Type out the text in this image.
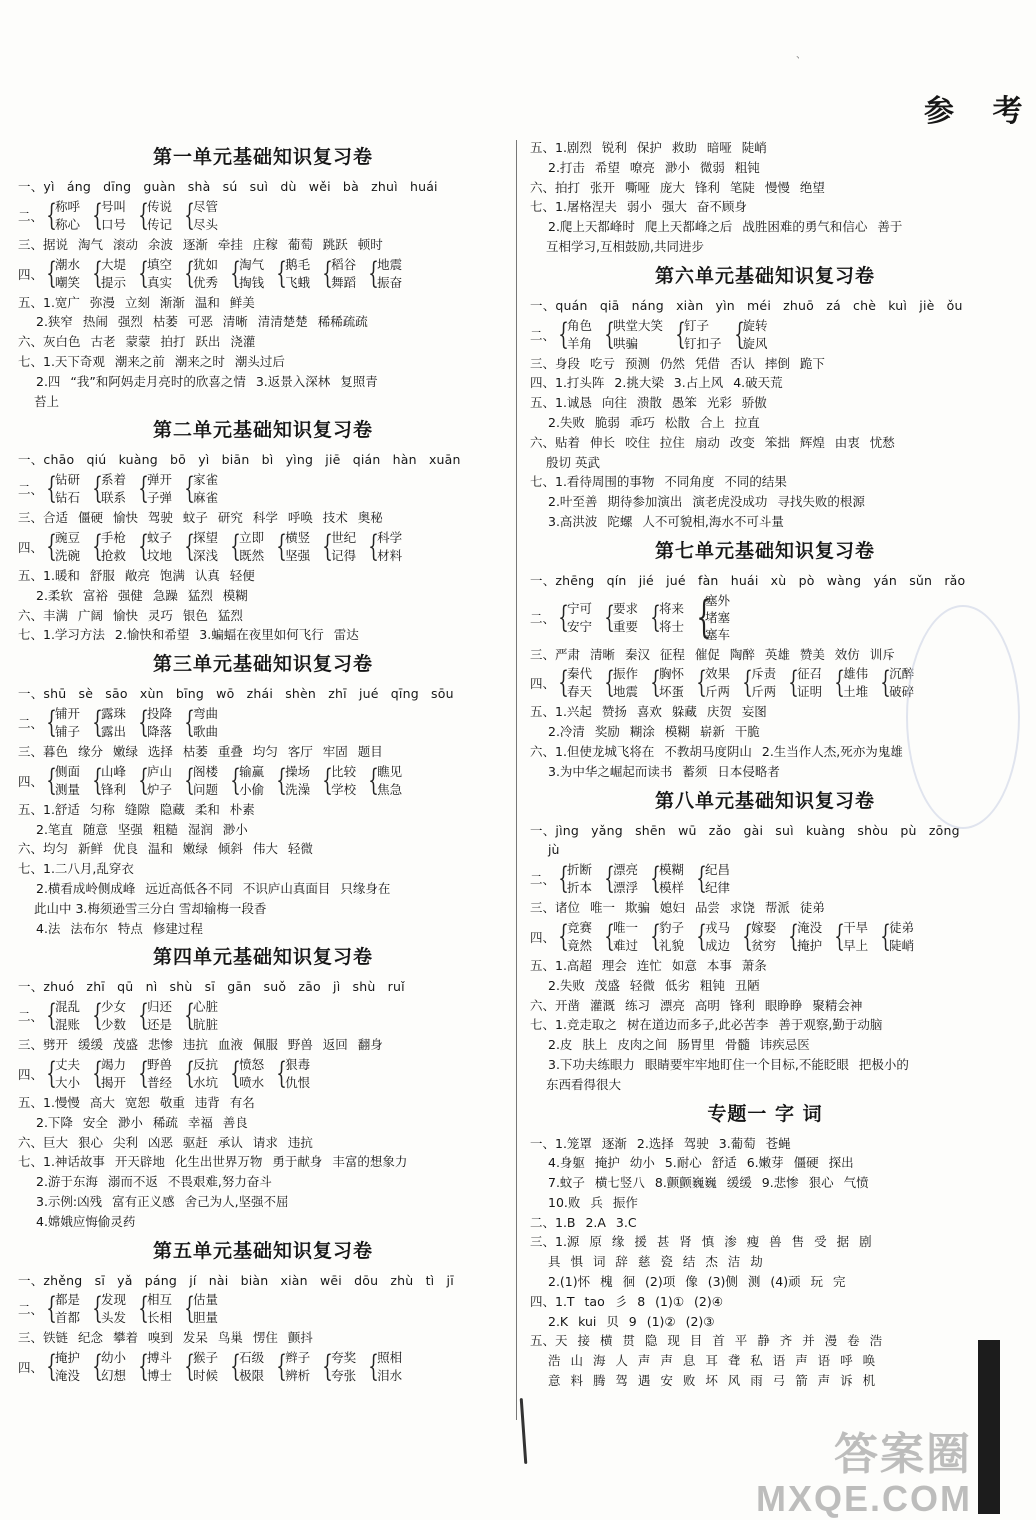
、
参 考
第一单元基础知识复习卷
一、yì áng dīng guàn shà sú suì dù wěi bà zhuì huái
二、 {
称呼
称心 {
号叫
口号 {
传说
传记 {
尽管
尽头
三、据说 淘气 滚动 余波 逐渐 牵挂 庄稼 葡萄 跳跃 顿时
四、 {
潮水
嘲笑 {
大堤
提示 {
填空
真实 {
犹如
优秀 {
淘气
掏钱 {
鹅毛
飞蛾 {
稻谷
舞蹈 {
地震
振奋
五、1.宽广 弥漫 立刻 渐渐 温和 鲜美
2.狭窄 热闹 强烈 枯萎 可恶 清晰 清清楚楚 稀稀疏疏
六、灰白色 古老 蒙蒙 拍打 跃出 浇灌
七、1.天下奇观 潮来之前 潮来之时 潮头过后
2.四 “我”和阿妈走月亮时的欣喜之情 3.返景入深林 复照青
苔上
第二单元基础知识复习卷
一、chāo qiú kuàng bō yì biān bì yìng jiē qián hàn xuān
二、 {
钻研
钻石 {
系着
联系 {
弹开
子弹 {
家雀
麻雀
三、合适 僵硬 愉快 驾驶 蚊子 研究 科学 呼唤 技术 奥秘
四、 {
豌豆
洗碗 {
手枪
抢救 {
蚊子
坟地 {
探望
深浅 {
立即
既然 {
横竖
坚强 {
世纪
记得 {
科学
材料
五、1.暖和 舒服 敞亮 饱满 认真 轻便
2.柔软 富裕 强健 急躁 猛烈 模糊
六、丰满 广阔 愉快 灵巧 银色 猛烈
七、1.学习方法 2.愉快和希望 3.蝙蝠在夜里如何飞行 雷达
第三单元基础知识复习卷
一、shū sè sāo xùn bīng wō zhái shèn zhī jué qīng sōu
二、 {
铺开
铺子 {
露珠
露出 {
投降
降落 {
弯曲
歌曲
三、暮色 缘分 嫩绿 选择 枯萎 重叠 均匀 客厅 牢固 题目
四、 {
侧面
测量 {
山峰
锋利 {
庐山
炉子 {
阁楼
问题 {
输赢
小偷 {
操场
洗澡 {
比较
学校 {
瞧见
焦急
五、1.舒适 匀称 缝隙 隐藏 柔和 朴素
2.笔直 随意 坚强 粗糙 湿润 渺小
六、均匀 新鲜 优良 温和 嫩绿 倾斜 伟大 轻微
七、1.二八月,乱穿衣
2.横看成岭侧成峰 远近高低各不同 不识庐山真面目 只缘身在
此山中 3.梅须逊雪三分白 雪却输梅一段香
4.法 法布尔 特点 修建过程
第四单元基础知识复习卷
一、zhuó zhī qū nì shù sī gān suǒ zāo jì shù ruǐ
二、 {
混乱
混账 {
少女
少数 {
归还
还是 {
心脏
肮脏
三、劈开 缓缓 茂盛 悲惨 违抗 血液 佩服 野兽 返回 翻身
四、 {
丈夫
大小 {
竭力
揭开 {
野兽
普经 {
反抗
水坑 {
愤怒
喷水 {
狠毒
仇恨
五、1.慢慢 高大 宽恕 敬重 违背 有名
2.下降 安全 渺小 稀疏 幸福 善良
六、巨大 狠心 尖利 凶恶 驱赶 承认 请求 违抗
七、1.神话故事 开天辟地 化生出世界万物 勇于献身 丰富的想象力
2.游于东海 溺而不返 不畏艰难,努力奋斗
3.示例:凶残 富有正义感 舍己为人,坚强不屈
4.嫦娥应悔偷灵药
第五单元基础知识复习卷
一、zhěng sī yǎ páng jí nài biàn xiàn wēi dōu zhù tì jī
二、 {
都是
首都 {
发现
头发 {
相互
长相 {
估量
胆量
三、铁链 纪念 攀着 嗅到 发呆 鸟巢 愣住 颤抖
四、 {
掩护
淹没 {
幼小
幻想 {
搏斗
博士 {
猴子
时候 {
石级
极限 {
辫子
辨析 {
夸奖
夸张 {
照相
泪水
五、1.剧烈 锐利 保护 救助 暗哑 陡峭
2.打击 希望 嘹亮 渺小 微弱 粗钝
六、拍打 张开 嘶哑 庞大 锋利 笔陡 慢慢 绝望
七、1.屠格涅夫 弱小 强大 奋不顾身
2.爬上天都峰时 爬上天都峰之后 战胜困难的勇气和信心 善于
互相学习,互相鼓励,共同进步
第六单元基础知识复习卷
一、quán qiā náng xiàn yìn méi zhuō zá chè kuì jiè ǒu
二、 {
角色
羊角 {
哄堂大笑
哄骗	{
钉子
钉扣子 {
旋转
旋风
三、身段 吃亏 预测 仍然 凭借 否认 摔倒 跪下
四、1.打头阵 2.挑大梁 3.占上风 4.破天荒
五、1.诚恳 向往 溃散 愚笨 光彩 骄傲
2.失败 脆弱 乖巧 松散 合上 拉直
六、贴着 伸长 咬住 拉住 扇动 改变 笨拙 辉煌 由衷 忧愁
殷切 英武
七、1.看待周围的事物 不同角度 不同的结果
2.叶至善 期待参加演出 演老虎没成功 寻找失败的根源
3.高洪波 陀螺 人不可貌相,海水不可斗量
第七单元基础知识复习卷
一、zhēng qín jié jué fàn huái xù pò wàng yán sǔn rǎo
二、 {
宁可
安宁 {
要求
重要 {
将来
将士 {
塞外
堵塞
塞车
三、严肃 清晰 秦汉 征程 催促 陶醉 英雄 赞美 效仿 训斥
四、 {
秦代
春天 {
振作
地震 {
胸怀
坏蛋 {
效果
斤两 {
斥责
斤两 {
征召
证明 {
雄伟
土堆 {
沉醉
破碎
五、1.兴起 赞扬 喜欢 躲藏 庆贺 妄图
2.冷清 奖励 糊涂 模糊 崭新 干脆
六、1.但使龙城飞将在 不教胡马度阴山 2.生当作人杰,死亦为鬼雄
3.为中华之崛起而读书 蓄须 日本侵略者
第八单元基础知识复习卷
一、jìng yǎng shēn wū zǎo gài suì kuàng shòu pù zōng
jù
二、 {
折断
折本 {
漂亮
漂浮 {
模糊
模样 {
纪昌
纪律
三、诸位 唯一 欺骗 媳妇 品尝 求饶 帮派 徒弟
四、 {
竞赛
竟然 {
唯一
难过 {
豹子
礼貌 {
戎马
成边 {
嫁娶
贫穷 {
淹没
掩护 {
干旱
早上 {
徒弟
陡峭
五、1.高超 理会 连忙 如意 本事 萧条
2.失败 茂盛 轻微 低劣 粗钝 丑陋
六、开凿 灌溉 练习 漂亮 高明 锋利 眼睁睁 聚精会神
七、1.竞走取之 树在道边而多子,此必苦李 善于观察,勤于动脑
2.皮 肤上 皮肉之间 肠胃里 骨髓 讳疾忌医
3.下功夫练眼力 眼睛要牢牢地盯住一个目标,不能眨眼 把极小的
东西看得很大
专题一 字 词
一、1.笼罩 逐渐 2.选择 驾驶 3.葡萄 苍蝇
4.身躯 掩护 幼小 5.耐心 舒适 6.嫩芽 僵硬 探出
7.蚊子 横七竖八 8.颤颤巍巍 缓缓 9.悲惨 狠心 气愤
10.败 兵 振作
二、1.B 2.A 3.C
三、1.源 原 缘 援 甚 肾 慎 渗 瘦 兽 售 受 据 剧
具 惧 词 辞 慈 瓷 结 杰 洁 劫
2.(1)怀 槐 徊 (2)项 像 (3)侧 测 (4)顽 玩 完
四、1.T tao 彡 8 (1)① (2)④
2.K kui 贝 9 (1)② (2)③
五、天 接 横 贯 隐 现 目 首 平 静 齐 并 漫 卷 浩
浩 山 海 人 声 声 息 耳 聋 私 语 声 语 呼 唤
意 料 腾 驾 遇 安 败 坏 风 雨 弓 箭 声 诉 机
答案圈
MXQE.COM
